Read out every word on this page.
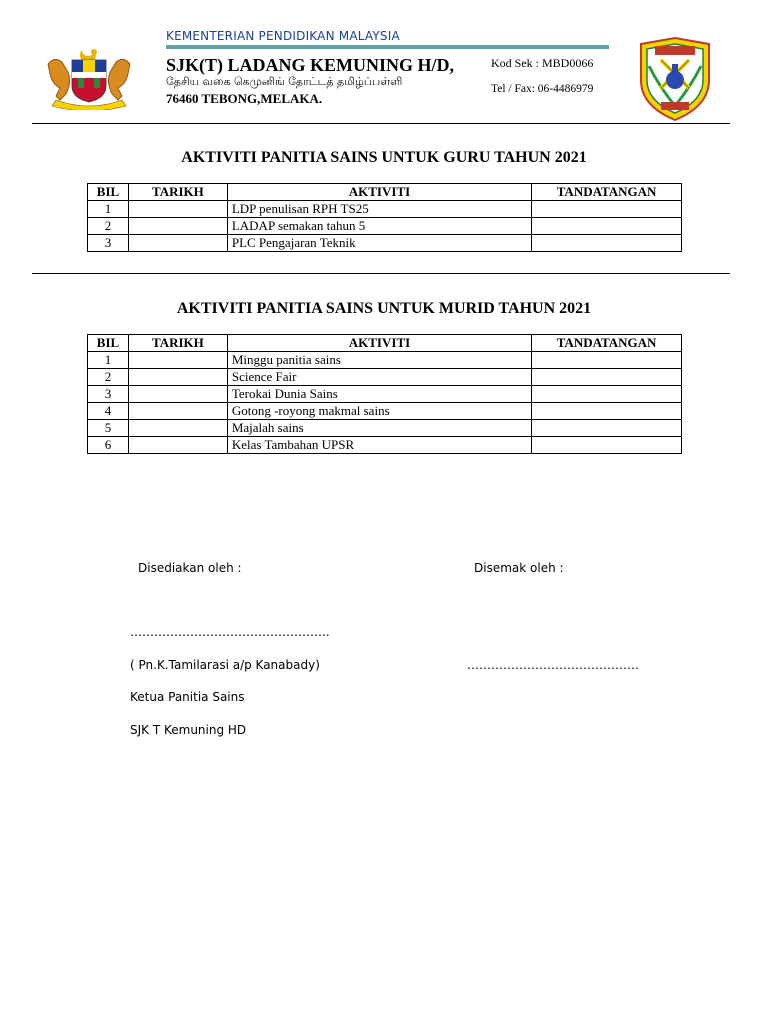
KEMENTERIAN PENDIDIKAN MALAYSIA
SJK(T) LADANG KEMUNING H/D,
தேசிய வகை கெமுனிங் தோட்டத் தமிழ்ப்பள்ளி
76460 TEBONG,MELAKA.
Kod Sek : MBD0066
Tel / Fax: 06-4486979
AKTIVITI PANITIA SAINS UNTUK GURU TAHUN 2021
BIL	TARIKH	AKTIVITI	TANDATANGAN
1		LDP penulisan RPH TS25	
2		LADAP semakan tahun 5	
3		PLC Pengajaran Teknik	
AKTIVITI PANITIA SAINS UNTUK MURID TAHUN 2021
BIL	TARIKH	AKTIVITI	TANDATANGAN
1		Minggu panitia sains	
2		Science Fair	
3		Terokai Dunia Sains	
4		Gotong -royong makmal sains	
5		Majalah sains	
6		Kelas Tambahan UPSR	
Disediakan oleh :	Disemak oleh :
…………………………………………..
( Pn.K.Tamilarasi a/p Kanabady)	…………………………………….
Ketua Panitia Sains
SJK T Kemuning HD
